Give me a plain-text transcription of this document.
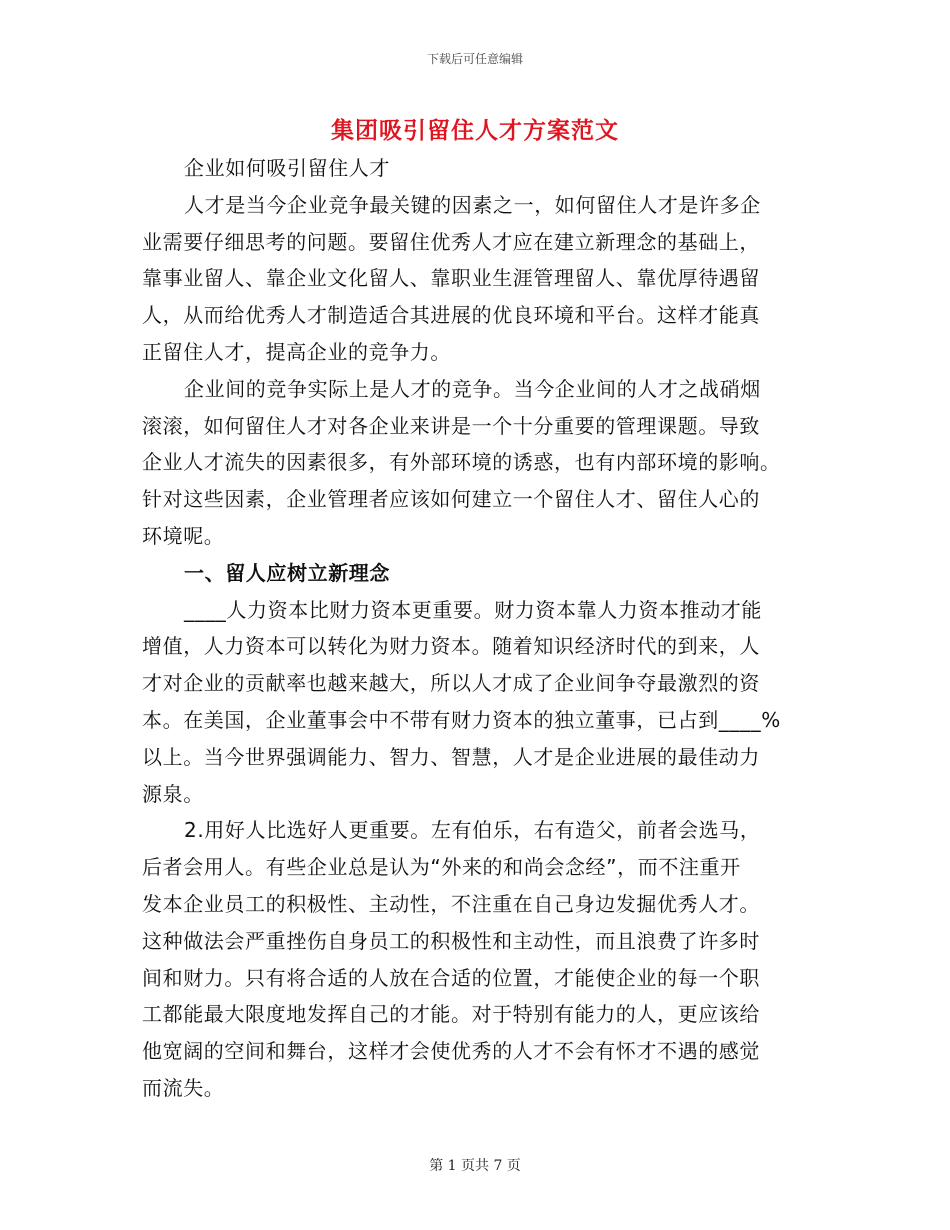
下载后可任意编辑
集团吸引留住人才方案范文
企业如何吸引留住人才
人才是当今企业竞争最关键的因素之一，如何留住人才是许多企
业需要仔细思考的问题。要留住优秀人才应在建立新理念的基础上，
靠事业留人、靠企业文化留人、靠职业生涯管理留人、靠优厚待遇留
人，从而给优秀人才制造适合其进展的优良环境和平台。这样才能真
正留住人才，提高企业的竞争力。
企业间的竞争实际上是人才的竞争。当今企业间的人才之战硝烟
滚滚，如何留住人才对各企业来讲是一个十分重要的管理课题。导致
企业人才流失的因素很多，有外部环境的诱惑，也有内部环境的影响。
针对这些因素，企业管理者应该如何建立一个留住人才、留住人心的
环境呢。
一、留人应树立新理念
____人力资本比财力资本更重要。财力资本靠人力资本推动才能
增值，人力资本可以转化为财力资本。随着知识经济时代的到来，人
才对企业的贡献率也越来越大，所以人才成了企业间争夺最激烈的资
本。在美国，企业董事会中不带有财力资本的独立董事，已占到____%
以上。当今世界强调能力、智力、智慧，人才是企业进展的最佳动力
源泉。
2.用好人比选好人更重要。左有伯乐，右有造父，前者会选马，
后者会用人。有些企业总是认为“外来的和尚会念经”，而不注重开
发本企业员工的积极性、主动性，不注重在自己身边发掘优秀人才。
这种做法会严重挫伤自身员工的积极性和主动性，而且浪费了许多时
间和财力。只有将合适的人放在合适的位置，才能使企业的每一个职
工都能最大限度地发挥自己的才能。对于特别有能力的人，更应该给
他宽阔的空间和舞台，这样才会使优秀的人才不会有怀才不遇的感觉
而流失。
第 1 页共 7 页
